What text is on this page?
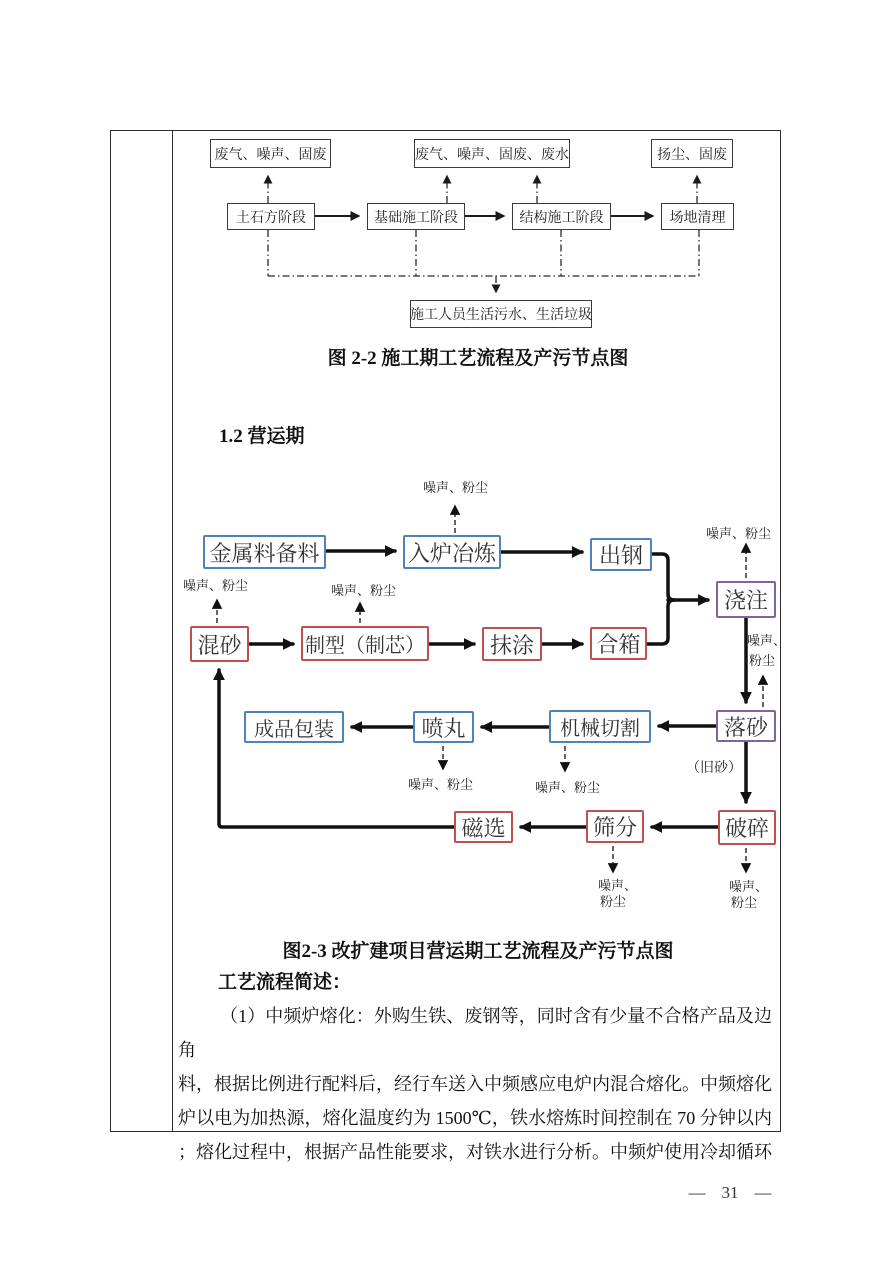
废气、噪声、固废	废气、噪声、固废、废水	扬尘、固废
土石方阶段	基础施工阶段	结构施工阶段	场地清理
施工人员生活污水、生活垃圾
图 2-2 施工期工艺流程及产污节点图
1.2 营运期
金属料备料	入炉冶炼	出钢
浇注
混砂	制型（制芯）	抹涂	合箱
成品包装	喷丸	机械切割	落砂
磁选	筛分	破碎
噪声、粉尘
噪声、粉尘
噪声、粉尘	噪声、粉尘
噪声、
粉尘
（旧砂）
噪声、粉尘	噪声、粉尘
噪声、
粉尘
噪声、
粉尘
图2-3 改扩建项目营运期工艺流程及产污节点图
工艺流程简述：
（1）中频炉熔化：外购生铁、废钢等，同时含有少量不合格产品及边角
料，根据比例进行配料后，经行车送入中频感应电炉内混合熔化。中频熔化
炉以电为加热源，熔化温度约为 1500℃，铁水熔炼时间控制在 70 分钟以内
；熔化过程中，根据产品性能要求，对铁水进行分析。中频炉使用冷却循环
— 31 —
